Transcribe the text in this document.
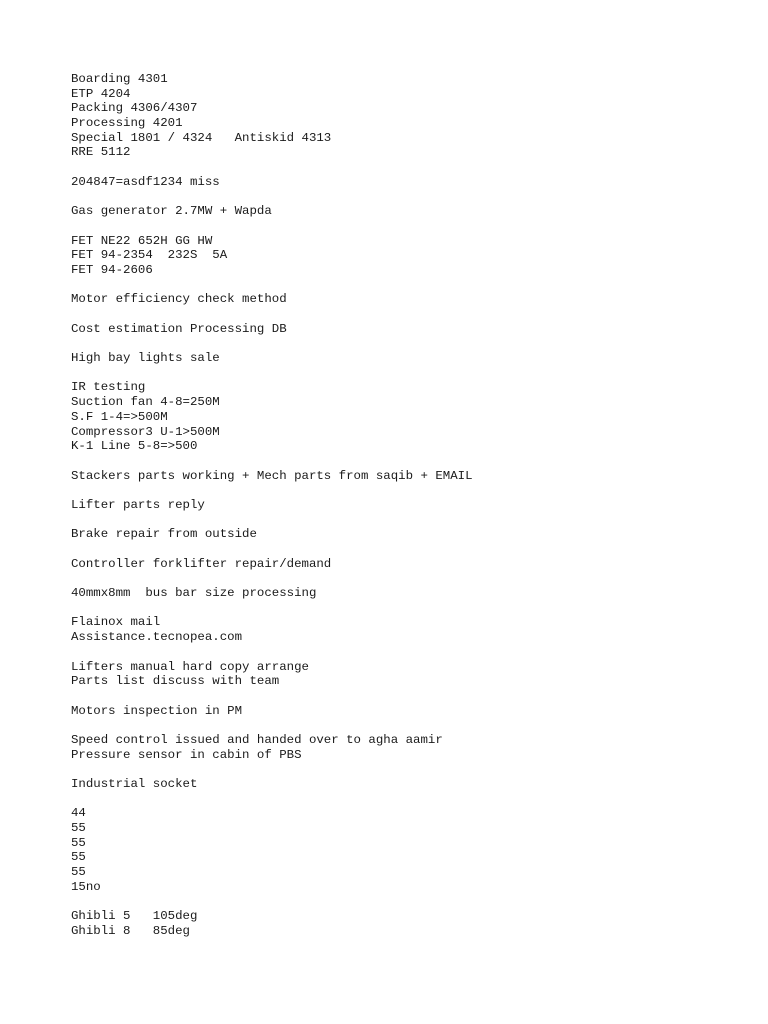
Boarding 4301
ETP 4204
Packing 4306/4307
Processing 4201
Special 1801 / 4324   Antiskid 4313
RRE 5112
204847=asdf1234 miss
Gas generator 2.7MW + Wapda
FET NE22 652H GG HW
FET 94-2354  232S  5A
FET 94-2606
Motor efficiency check method
Cost estimation Processing DB
High bay lights sale
IR testing
Suction fan 4-8=250M
S.F 1-4=>500M
Compressor3 U-1>500M
K-1 Line 5-8=>500
Stackers parts working + Mech parts from saqib + EMAIL
Lifter parts reply
Brake repair from outside
Controller forklifter repair/demand
40mmx8mm  bus bar size processing
Flainox mail
Assistance.tecnopea.com
Lifters manual hard copy arrange
Parts list discuss with team
Motors inspection in PM
Speed control issued and handed over to agha aamir
Pressure sensor in cabin of PBS
Industrial socket
44
55
55
55
55
15no
Ghibli 5   105deg
Ghibli 8   85deg
